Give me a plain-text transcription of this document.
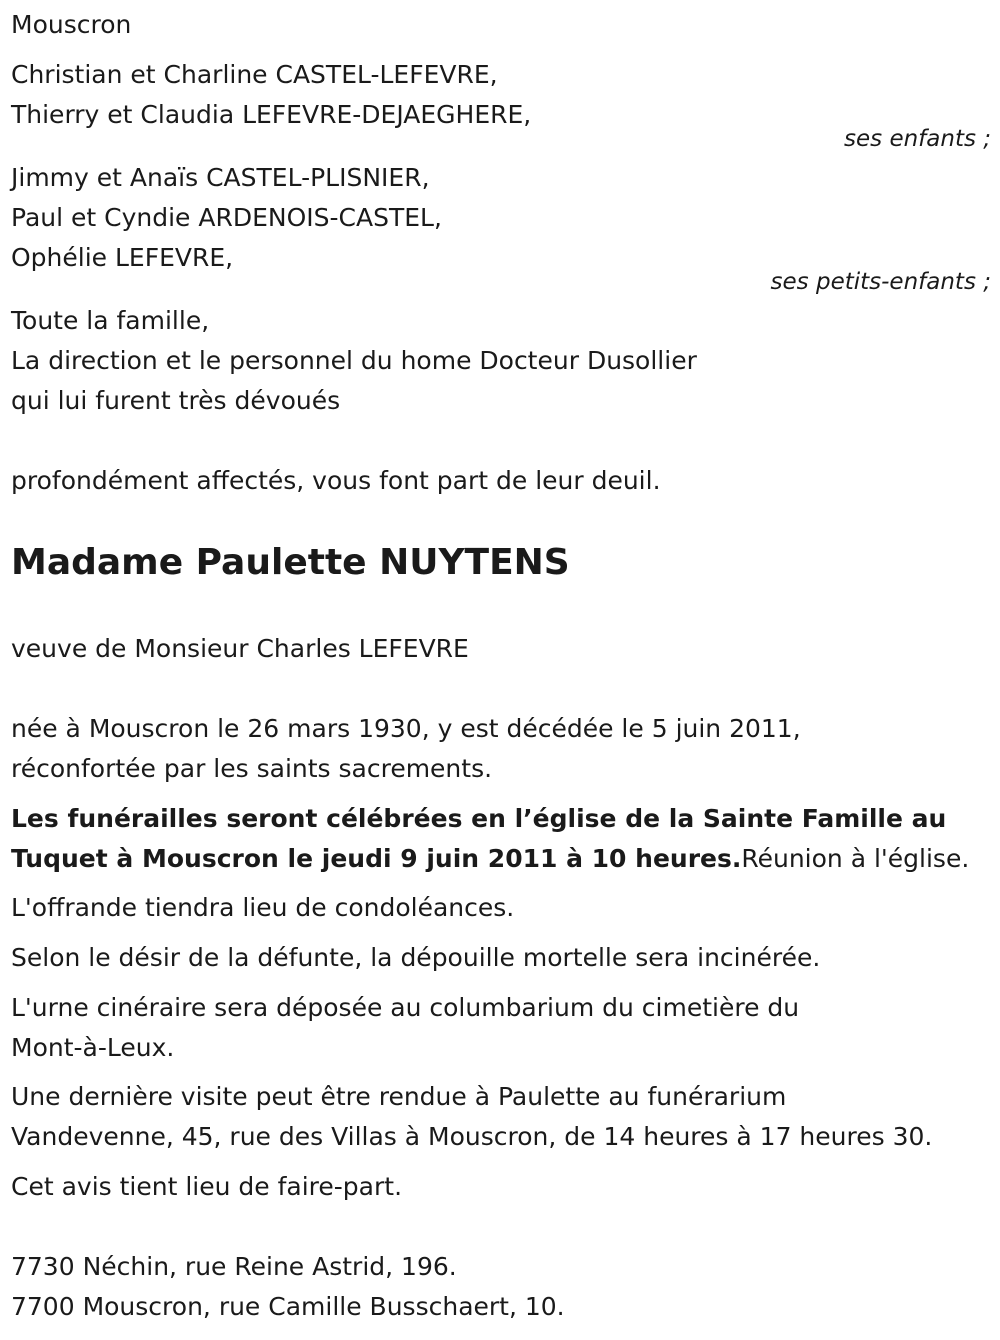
Mouscron
Christian et Charline CASTEL-LEFEVRE,
Thierry et Claudia LEFEVRE-DEJAEGHERE,
ses enfants ;
Jimmy et Anaïs CASTEL-PLISNIER,
Paul et Cyndie ARDENOIS-CASTEL,
Ophélie LEFEVRE,
ses petits-enfants ;
Toute la famille,
La direction et le personnel du home Docteur Dusollier
qui lui furent très dévoués
profondément affectés, vous font part de leur deuil.
Madame Paulette NUYTENS
veuve de Monsieur Charles LEFEVRE
née à Mouscron le 26 mars 1930, y est décédée le 5 juin 2011,
réconfortée par les saints sacrements.
Les funérailles seront célébrées en l’église de la Sainte Famille au
Tuquet à Mouscron le jeudi 9 juin 2011 à 10 heures.Réunion à l'église.
L'offrande tiendra lieu de condoléances.
Selon le désir de la défunte, la dépouille mortelle sera incinérée.
L'urne cinéraire sera déposée au columbarium du cimetière du
Mont-à-Leux.
Une dernière visite peut être rendue à Paulette au funérarium
Vandevenne, 45, rue des Villas à Mouscron, de 14 heures à 17 heures 30.
Cet avis tient lieu de faire-part.
7730 Néchin, rue Reine Astrid, 196.
7700 Mouscron, rue Camille Busschaert, 10.
